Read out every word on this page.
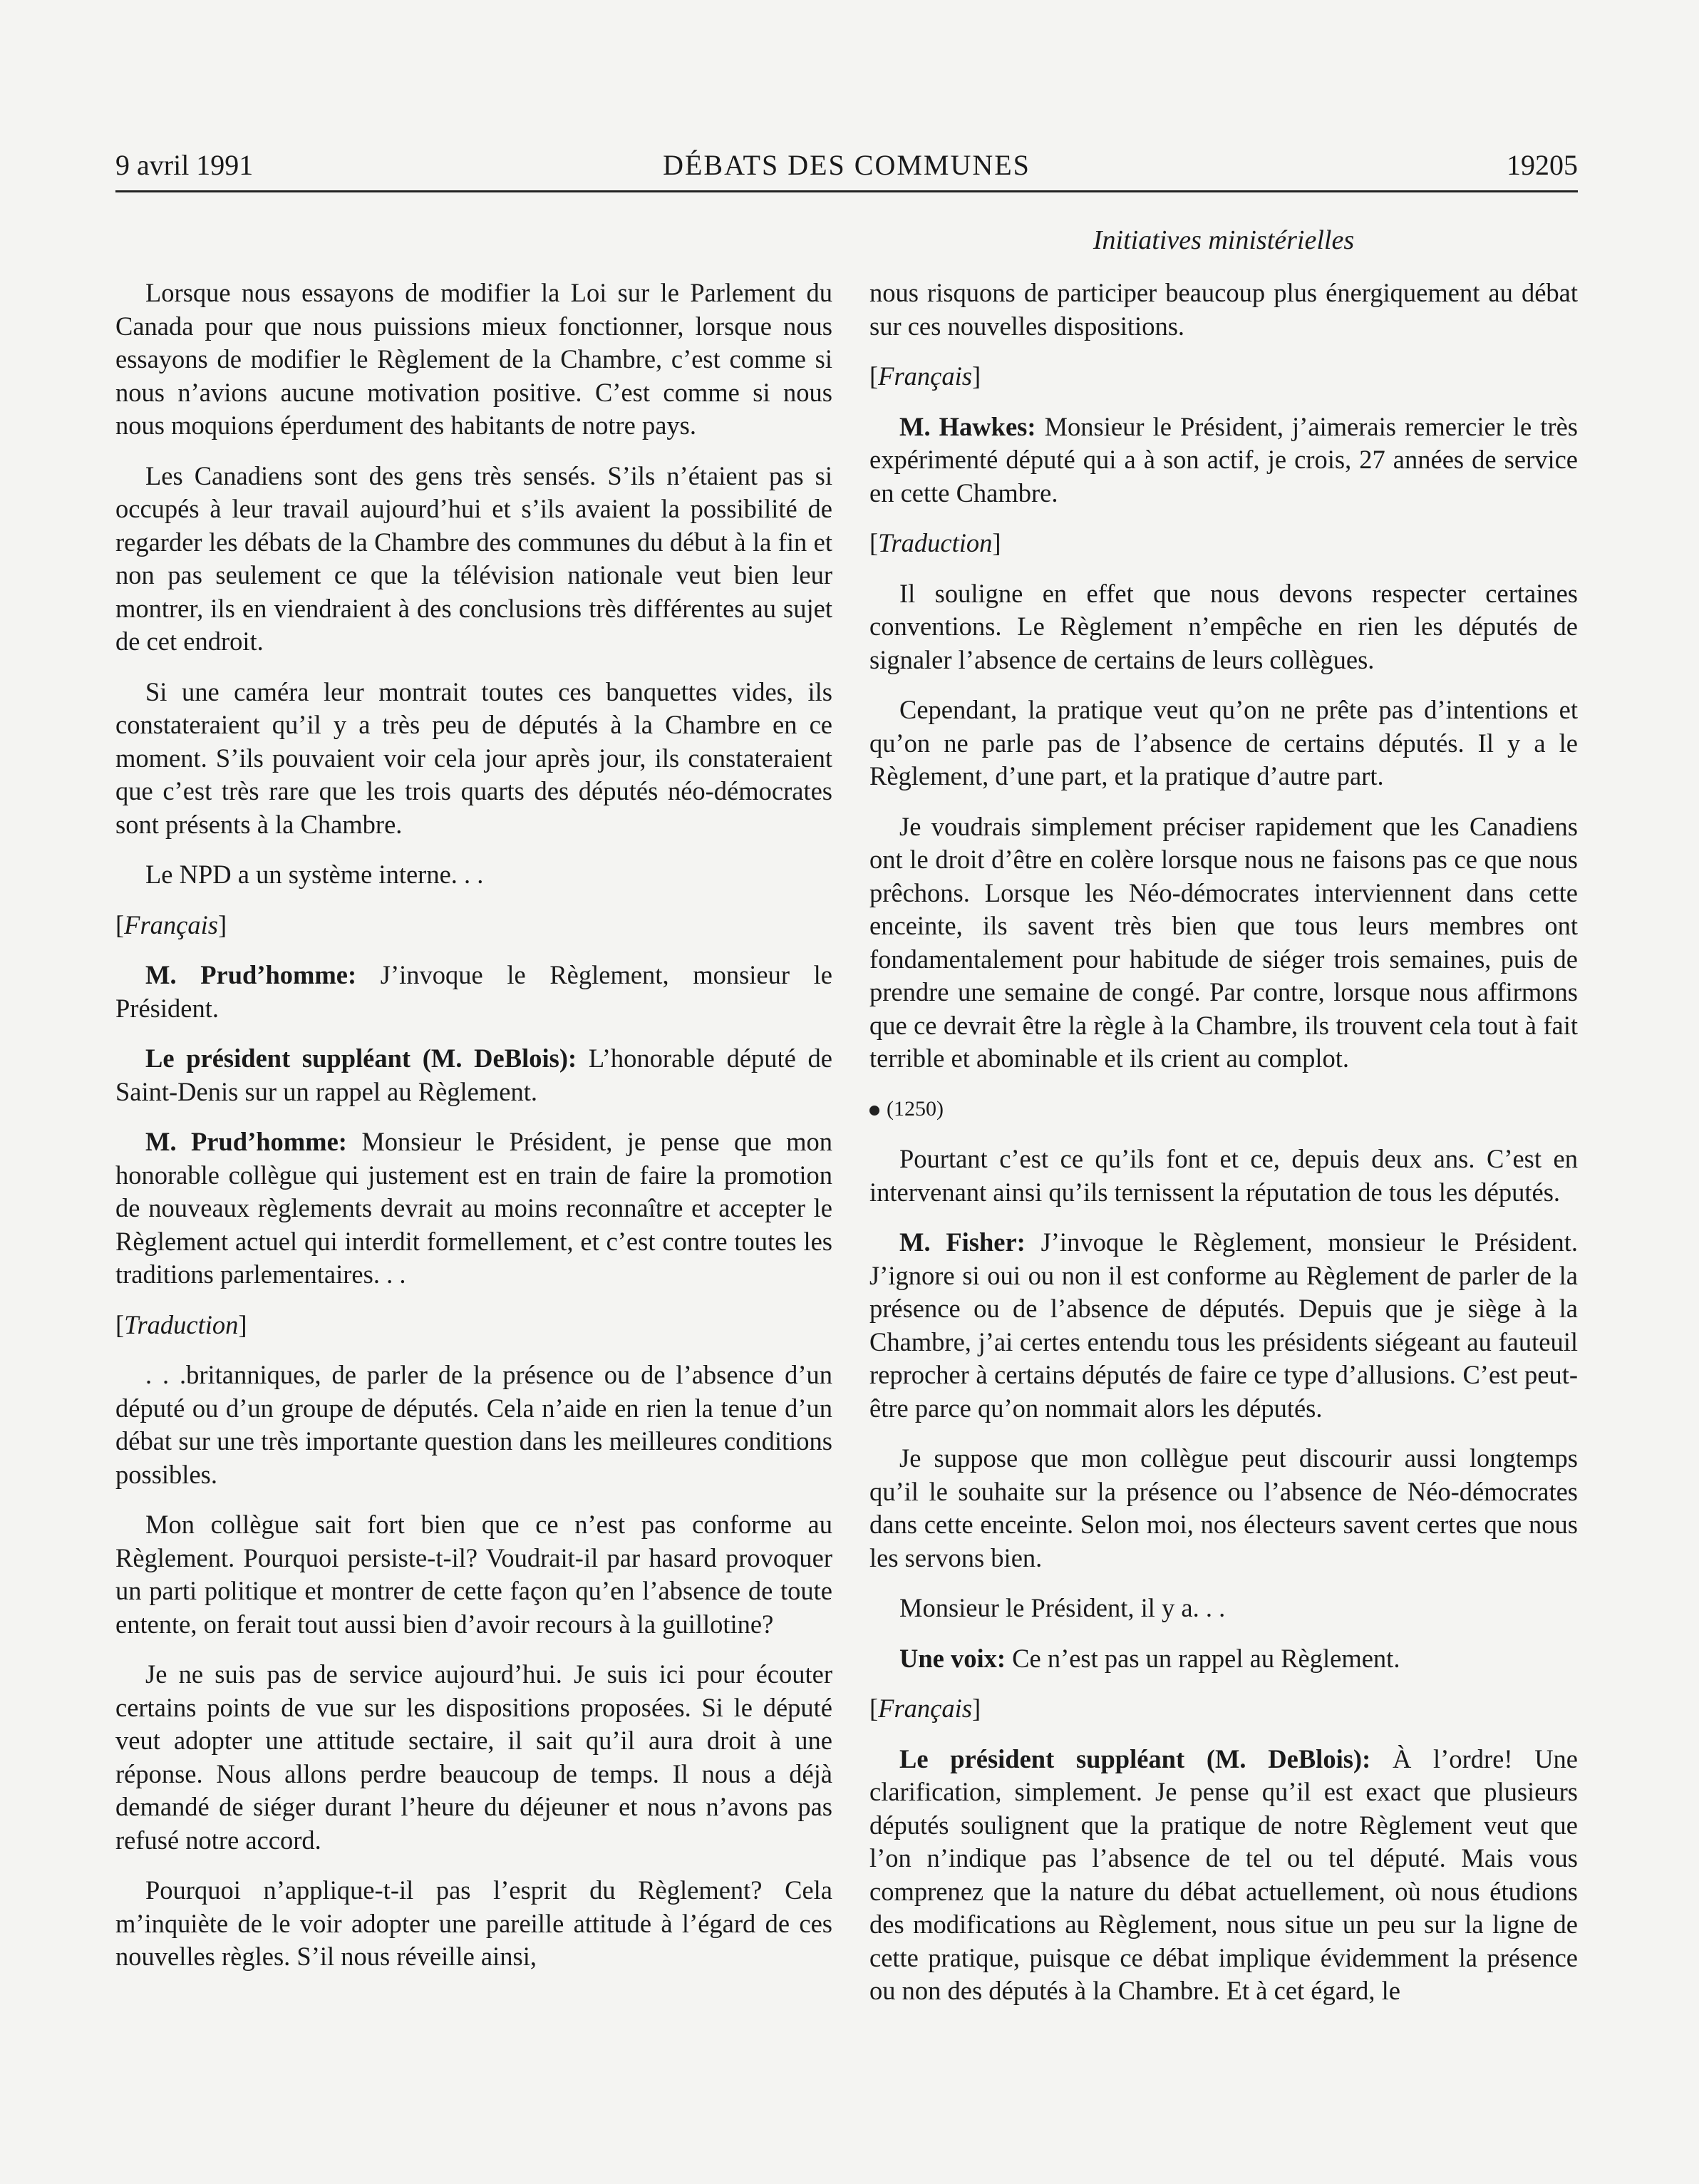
9 avril 1991	DÉBATS DES COMMUNES	19205
Initiatives ministérielles

Lorsque nous essayons de modifier la Loi sur le Parlement du Canada pour que nous puissions mieux fonctionner, lorsque nous essayons de modifier le Règlement de la Chambre, c’est comme si nous n’avions aucune motivation positive. C’est comme si nous nous moquions éperdument des habitants de notre pays.

Les Canadiens sont des gens très sensés. S’ils n’étaient pas si occupés à leur travail aujourd’hui et s’ils avaient la possibilité de regarder les débats de la Chambre des communes du début à la fin et non pas seulement ce que la télévision nationale veut bien leur montrer, ils en viendraient à des conclusions très différentes au sujet de cet endroit.

Si une caméra leur montrait toutes ces banquettes vides, ils constateraient qu’il y a très peu de députés à la Chambre en ce moment. S’ils pouvaient voir cela jour après jour, ils constateraient que c’est très rare que les trois quarts des députés néo-démocrates sont présents à la Chambre.

Le NPD a un système interne. . .

[Français]

M. Prud’homme: J’invoque le Règlement, monsieur le Président.

Le président suppléant (M. DeBlois): L’honorable député de Saint-Denis sur un rappel au Règlement.

M. Prud’homme: Monsieur le Président, je pense que mon honorable collègue qui justement est en train de faire la promotion de nouveaux règlements devrait au moins reconnaître et accepter le Règlement actuel qui interdit formellement, et c’est contre toutes les traditions parlementaires. . .

[Traduction]

. . .britanniques, de parler de la présence ou de l’absence d’un député ou d’un groupe de députés. Cela n’aide en rien la tenue d’un débat sur une très importante question dans les meilleures conditions possibles.

Mon collègue sait fort bien que ce n’est pas conforme au Règlement. Pourquoi persiste-t-il? Voudrait-il par hasard provoquer un parti politique et montrer de cette façon qu’en l’absence de toute entente, on ferait tout aussi bien d’avoir recours à la guillotine?

Je ne suis pas de service aujourd’hui. Je suis ici pour écouter certains points de vue sur les dispositions proposées. Si le député veut adopter une attitude sectaire, il sait qu’il aura droit à une réponse. Nous allons perdre beaucoup de temps. Il nous a déjà demandé de siéger durant l’heure du déjeuner et nous n’avons pas refusé notre accord.

Pourquoi n’applique-t-il pas l’esprit du Règlement? Cela m’inquiète de le voir adopter une pareille attitude à l’égard de ces nouvelles règles. S’il nous réveille ainsi,

nous risquons de participer beaucoup plus énergiquement au débat sur ces nouvelles dispositions.

[Français]

M. Hawkes: Monsieur le Président, j’aimerais remercier le très expérimenté député qui a à son actif, je crois, 27 années de service en cette Chambre.

[Traduction]

Il souligne en effet que nous devons respecter certaines conventions. Le Règlement n’empêche en rien les députés de signaler l’absence de certains de leurs collègues.

Cependant, la pratique veut qu’on ne prête pas d’intentions et qu’on ne parle pas de l’absence de certains députés. Il y a le Règlement, d’une part, et la pratique d’autre part.

Je voudrais simplement préciser rapidement que les Canadiens ont le droit d’être en colère lorsque nous ne faisons pas ce que nous prêchons. Lorsque les Néo-démocrates interviennent dans cette enceinte, ils savent très bien que tous leurs membres ont fondamentalement pour habitude de siéger trois semaines, puis de prendre une semaine de congé. Par contre, lorsque nous affirmons que ce devrait être la règle à la Chambre, ils trouvent cela tout à fait terrible et abominable et ils crient au complot.

(1250)

Pourtant c’est ce qu’ils font et ce, depuis deux ans. C’est en intervenant ainsi qu’ils ternissent la réputation de tous les députés.

M. Fisher: J’invoque le Règlement, monsieur le Président. J’ignore si oui ou non il est conforme au Règlement de parler de la présence ou de l’absence de députés. Depuis que je siège à la Chambre, j’ai certes entendu tous les présidents siégeant au fauteuil reprocher à certains députés de faire ce type d’allusions. C’est peut-être parce qu’on nommait alors les députés.

Je suppose que mon collègue peut discourir aussi longtemps qu’il le souhaite sur la présence ou l’absence de Néo-démocrates dans cette enceinte. Selon moi, nos électeurs savent certes que nous les servons bien.

Monsieur le Président, il y a. . .

Une voix: Ce n’est pas un rappel au Règlement.

[Français]

Le président suppléant (M. DeBlois): À l’ordre! Une clarification, simplement. Je pense qu’il est exact que plusieurs députés soulignent que la pratique de notre Règlement veut que l’on n’indique pas l’absence de tel ou tel député. Mais vous comprenez que la nature du débat actuellement, où nous étudions des modifications au Règlement, nous situe un peu sur la ligne de cette pratique, puisque ce débat implique évidemment la présence ou non des députés à la Chambre. Et à cet égard, le
